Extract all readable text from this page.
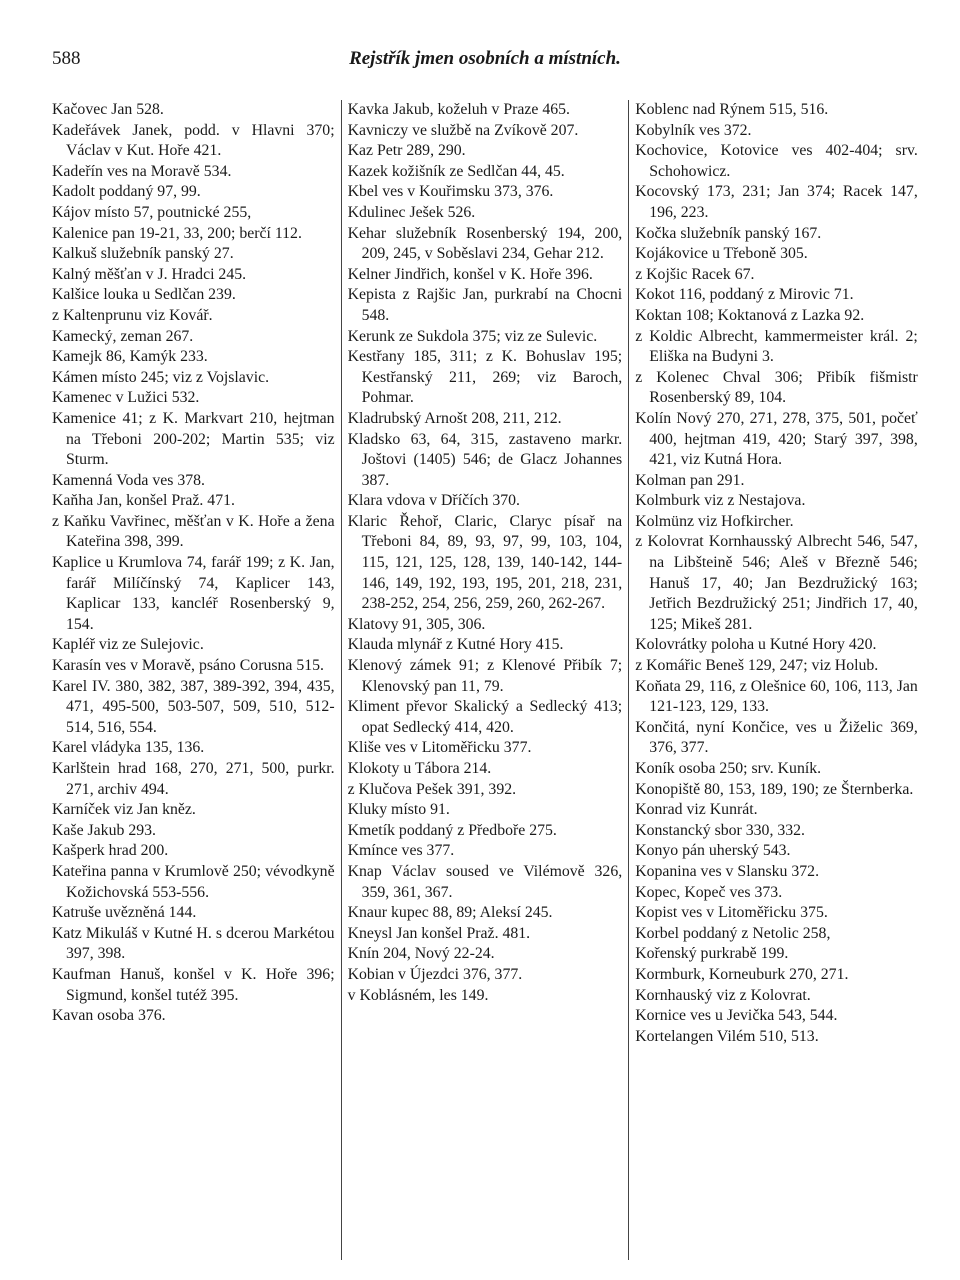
588	Rejstřík jmen osobních a místních.

Kačovec Jan 528.

Kadeřávek Janek, podd. v Hlavni 370; Václav v Kut. Hoře 421.

Kadeřín ves na Moravě 534.

Kadolt poddaný 97, 99.

Kájov místo 57, poutnické 255,

Kalenice pan 19-21, 33, 200; berčí 112.

Kalkuš služebník panský 27.

Kalný měšťan v J. Hradci 245.

Kalšice louka u Sedlčan 239.

z Kaltenprunu viz Kovář.

Kamecký, zeman 267.

Kamejk 86, Kamýk 233.

Kámen místo 245; viz z Vojslavic.

Kamenec v Lužici 532.

Kamenice 41; z K. Markvart 210, hejtman na Třeboni 200-202; Martin 535; viz Sturm.

Kamenná Voda ves 378.

Kaňha Jan, konšel Praž. 471.

z Kaňku Vavřinec, měšťan v K. Hoře a žena Kateřina 398, 399.

Kaplice u Krumlova 74, farář 199; z K. Jan, farář Milíčínský 74, Kaplicer 143, Kaplicar 133, kancléř Rosenberský 9, 154.

Kapléř viz ze Sulejovic.

Karasín ves v Moravě, psáno Corusna 515.

Karel IV. 380, 382, 387, 389-392, 394, 435, 471, 495-500, 503-507, 509, 510, 512-514, 516, 554.

Karel vládyka 135, 136.

Karlštein hrad 168, 270, 271, 500, purkr. 271, archiv 494.

Karníček viz Jan kněz.

Kaše Jakub 293.

Kašperk hrad 200.

Kateřina panna v Krumlově 250; vévodkyně Kožichovská 553-556.

Katruše uvězněná 144.

Katz Mikuláš v Kutné H. s dcerou Markétou 397, 398.

Kaufman Hanuš, konšel v K. Hoře 396; Sigmund, konšel tutéž 395.

Kavan osoba 376.

Kavka Jakub, koželuh v Praze 465.

Kavniczy ve službě na Zvíkově 207.

Kaz Petr 289, 290.

Kazek kožišník ze Sedlčan 44, 45.

Kbel ves v Kouřimsku 373, 376.

Kdulinec Ješek 526.

Kehar služebník Rosenberský 194, 200, 209, 245, v Soběslavi 234, Gehar 212.

Kelner Jindřich, konšel v K. Hoře 396.

Kepista z Rajšic Jan, purkrabí na Chocni 548.

Kerunk ze Sukdola 375; viz ze Sulevic.

Kestřany 185, 311; z K. Bohuslav 195; Kestřanský 211, 269; viz Baroch, Pohmar.

Kladrubský Arnošt 208, 211, 212.

Kladsko 63, 64, 315, zastaveno markr. Joštovi (1405) 546; de Glacz Johannes 387.

Klara vdova v Dříčích 370.

Klaric Řehoř, Claric, Claryc písař na Třeboni 84, 89, 93, 97, 99, 103, 104, 115, 121, 125, 128, 139, 140-142, 144-146, 149, 192, 193, 195, 201, 218, 231, 238-252, 254, 256, 259, 260, 262-267.

Klatovy 91, 305, 306.

Klauda mlynář z Kutné Hory 415.

Klenový zámek 91; z Klenové Přibík 7; Klenovský pan 11, 79.

Kliment převor Skalický a Sedlecký 413; opat Sedlecký 414, 420.

Kliše ves v Litoměřicku 377.

Klokoty u Tábora 214.

z Klučova Pešek 391, 392.

Kluky místo 91.

Kmetík poddaný z Předboře 275.

Kmínce ves 377.

Knap Václav soused ve Vilémově 326, 359, 361, 367.

Knaur kupec 88, 89; Aleksí 245.

Kneysl Jan konšel Praž. 481.

Knín 204, Nový 22-24.

Kobian v Újezdci 376, 377.

v Koblásném, les 149.

Koblenc nad Rýnem 515, 516.

Kobylník ves 372.

Kochovice, Kotovice ves 402-404; srv. Schohowicz.

Kocovský 173, 231; Jan 374; Racek 147, 196, 223.

Kočka služebník panský 167.

Kojákovice u Třeboně 305.

z Kojšic Racek 67.

Kokot 116, poddaný z Mirovic 71.

Koktan 108; Koktanová z Lazka 92.

z Koldic Albrecht, kammermeister král. 2; Eliška na Budyni 3.

z Kolenec Chval 306; Přibík fišmistr Rosenberský 89, 104.

Kolín Nový 270, 271, 278, 375, 501, počeť 400, hejtman 419, 420; Starý 397, 398, 421, viz Kutná Hora.

Kolman pan 291.

Kolmburk viz z Nestajova.

Kolmünz viz Hofkircher.

z Kolovrat Kornhausský Albrecht 546, 547, na Libšteině 546; Aleš v Březně 546; Hanuš 17, 40; Jan Bezdružický 163; Jetřich Bezdružický 251; Jindřich 17, 40, 125; Mikeš 281.

Kolovrátky poloha u Kutné Hory 420.

z Komářic Beneš 129, 247; viz Holub.

Koňata 29, 116, z Olešnice 60, 106, 113, Jan 121-123, 129, 133.

Končitá, nyní Končice, ves u Žiželic 369, 376, 377.

Koník osoba 250; srv. Kuník.

Konopiště 80, 153, 189, 190; ze Šternberka.

Konrad viz Kunrát.

Konstancký sbor 330, 332.

Konyo pán uherský 543.

Kopanina ves v Slansku 372.

Kopec, Kopeč ves 373.

Kopist ves v Litoměřicku 375.

Korbel poddaný z Netolic 258,

Kořenský purkrabě 199.

Kormburk, Korneuburk 270, 271.

Kornhauský viz z Kolovrat.

Kornice ves u Jevička 543, 544.

Kortelangen Vilém 510, 513.
